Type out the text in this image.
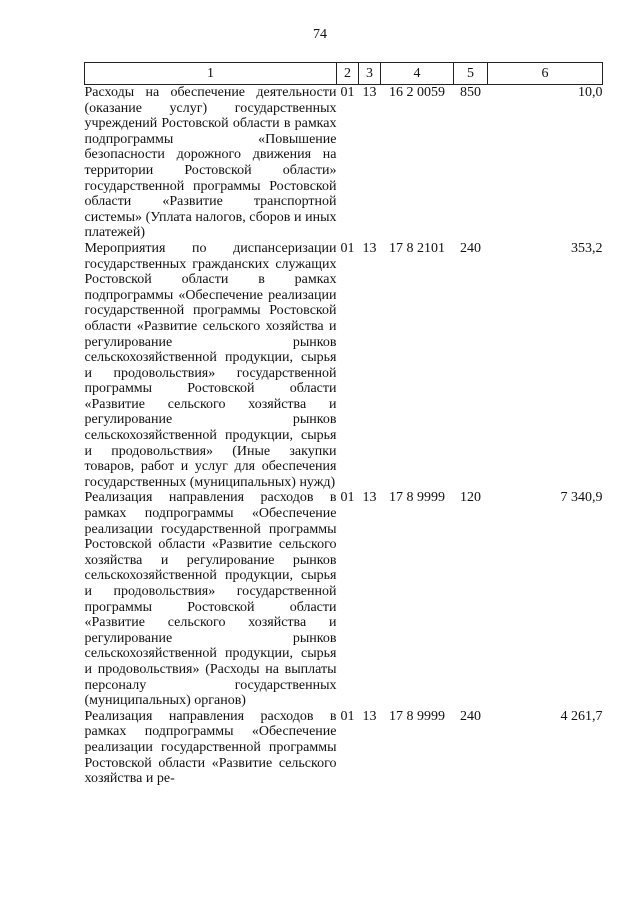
74
1	2	3	4	5	6
Расходы на обеспечение деятельности (оказание услуг) государственных учреждений Ростовской области в рамках подпрограммы «Повышение безопасности дорожного движения на территории Ростовской области» государственной программы Ростовской области «Развитие транспортной системы» (Уплата налогов, сборов и иных платежей)	01	13	16 2 0059	850	10,0
Мероприятия по диспансеризации государственных гражданских служащих Ростовской области в рамках подпрограммы «Обеспечение реализации государственной программы Ростовской области «Развитие сельского хозяйства и регулирование рынков сельскохозяйственной продукции, сырья и продовольствия» государственной программы Ростовской области «Развитие сельского хозяйства и регулирование рынков сельскохозяйственной продукции, сырья и продовольствия» (Иные закупки товаров, работ и услуг для обеспечения государственных (муниципальных) нужд)	01	13	17 8 2101	240	353,2
Реализация направления расходов в рамках подпрограммы «Обеспечение реализации государственной программы Ростовской области «Развитие сельского хозяйства и регулирование рынков сельскохозяйственной продукции, сырья и продовольствия» государственной программы Ростовской области «Развитие сельского хозяйства и регулирование рынков сельскохозяйственной продукции, сырья и продовольствия» (Расходы на выплаты персоналу государственных (муниципальных) органов)	01	13	17 8 9999	120	7 340,9
Реализация направления расходов в рамках подпрограммы «Обеспечение реализации государственной программы Ростовской области «Развитие сельского хозяйства и ре-	01	13	17 8 9999	240	4 261,7
